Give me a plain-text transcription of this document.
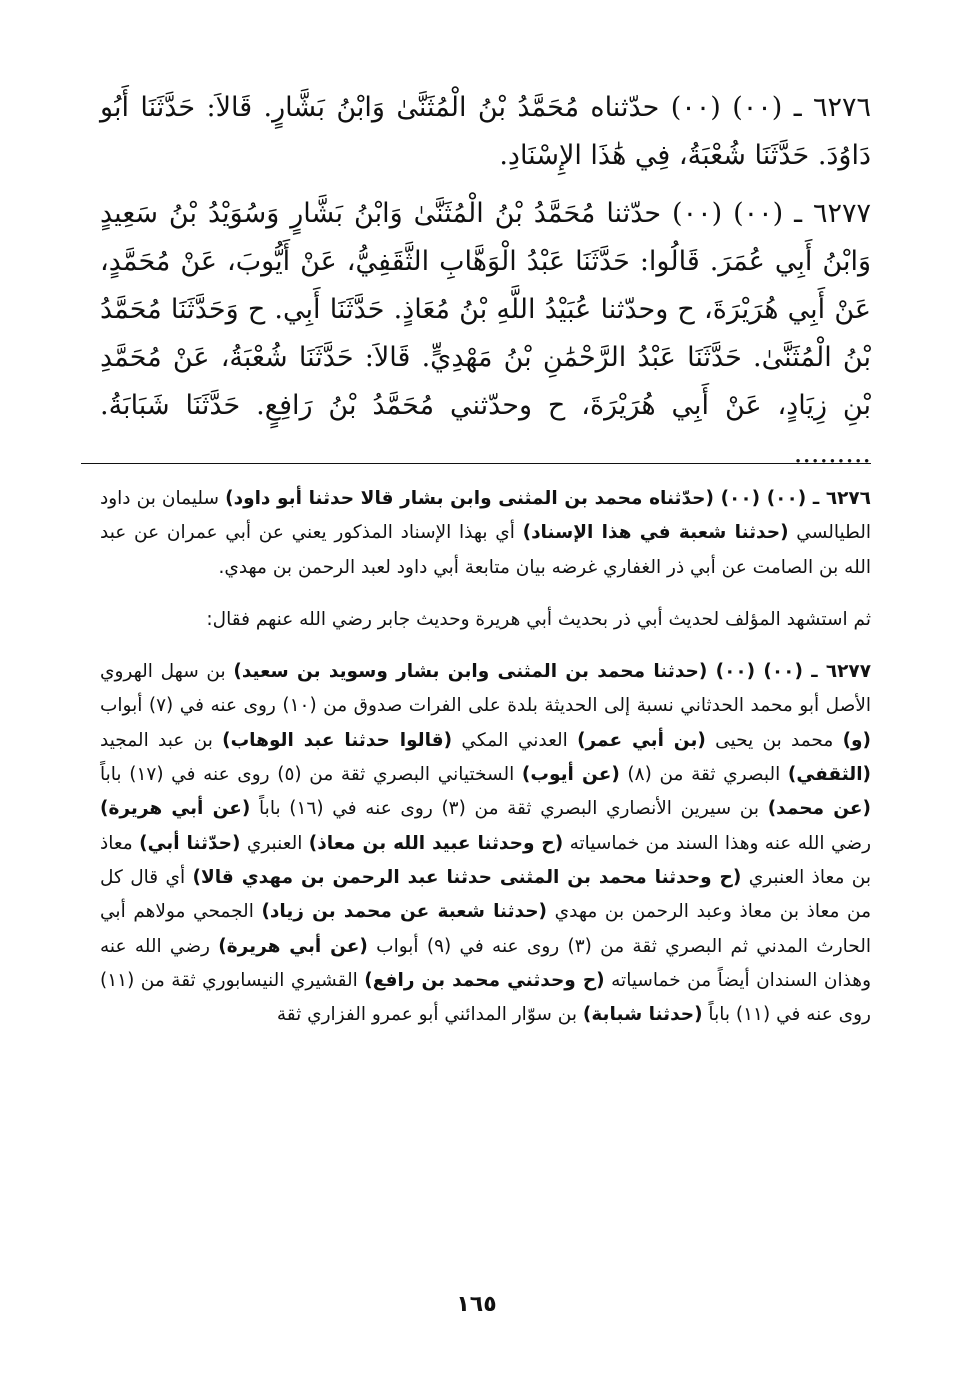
٦٢٧٦ ـ (٠٠) (٠٠) حدّثناه مُحَمَّدُ بْنُ الْمُثَنَّىٰ وَابْنُ بَشَّارٍ. قَالاَ: حَدَّثَنَا أَبُو دَاوُدَ. حَدَّثَنَا شُعْبَةُ، فِي هَٰذَا الإِسْنَادِ.

٦٢٧٧ ـ (٠٠) (٠٠) حدّثنا مُحَمَّدُ بْنُ الْمُثَنَّىٰ وَابْنُ بَشَّارٍ وَسُوَيْدُ بْنُ سَعِيدٍ وَابْنُ أَبِي عُمَرَ. قَالُوا: حَدَّثَنَا عَبْدُ الْوَهَّابِ الثَّقَفِيُّ، عَنْ أَيُّوبَ، عَنْ مُحَمَّدٍ، عَنْ أَبِي هُرَيْرَةَ، ح وحدّثنا عُبَيْدُ اللَّهِ بْنُ مُعَاذٍ. حَدَّثَنَا أَبِي. ح وَحَدَّثَنَا مُحَمَّدُ بْنُ الْمُثَنَّىٰ. حَدَّثَنَا عَبْدُ الرَّحْمَٰنِ بْنُ مَهْدِيٍّ. قَالاَ: حَدَّثَنَا شُعْبَةُ، عَنْ مُحَمَّدِ بْنِ زِيَادٍ، عَنْ أَبِي هُرَيْرَةَ، ح وحدّثني مُحَمَّدُ بْنُ رَافِعٍ. حَدَّثَنَا شَبَابَةُ. .........

٦٢٧٦ ـ (٠٠) (٠٠) (حدّثناه محمد بن المثنى وابن بشار قالا حدثنا أبو داود) سليمان بن داود الطيالسي (حدثنا شعبة في هذا الإسناد) أي بهذا الإسناد المذكور يعني عن أبي عمران عن عبد الله بن الصامت عن أبي ذر الغفاري غرضه بيان متابعة أبي داود لعبد الرحمن بن مهدي.

ثم استشهد المؤلف لحديث أبي ذر بحديث أبي هريرة وحديث جابر رضي الله عنهم فقال:

٦٢٧٧ ـ (٠٠) (٠٠) (حدثنا محمد بن المثنى وابن بشار وسويد بن سعيد) بن سهل الهروي الأصل أبو محمد الحدثاني نسبة إلى الحديثة بلدة على الفرات صدوق من (١٠) روى عنه في (٧) أبواب (و) محمد بن يحيى (بن أبي عمر) العدني المكي (قالوا حدثنا عبد الوهاب) بن عبد المجيد (الثقفي) البصري ثقة من (٨) (عن أيوب) السختياني البصري ثقة من (٥) روى عنه في (١٧) باباً (عن محمد) بن سيرين الأنصاري البصري ثقة من (٣) روى عنه في (١٦) باباً (عن أبي هريرة) رضي الله عنه وهذا السند من خماسياته (ح وحدثنا عبيد الله بن معاذ) العنبري (حدّثنا أبي) معاذ بن معاذ العنبري (ح وحدثنا محمد بن المثنى حدثنا عبد الرحمن بن مهدي قالا) أي قال كل من معاذ بن معاذ وعبد الرحمن بن مهدي (حدثنا شعبة عن محمد بن زياد) الجمحي مولاهم أبي الحارث المدني ثم البصري ثقة من (٣) روى عنه في (٩) أبواب (عن أبي هريرة) رضي الله عنه وهذان السندان أيضاً من خماسياته (ح وحدثني محمد بن رافع) القشيري النيسابوري ثقة من (١١) روى عنه في (١١) باباً (حدثنا شبابة) بن سوّار المدائني أبو عمرو الفزاري ثقة

١٦٥
